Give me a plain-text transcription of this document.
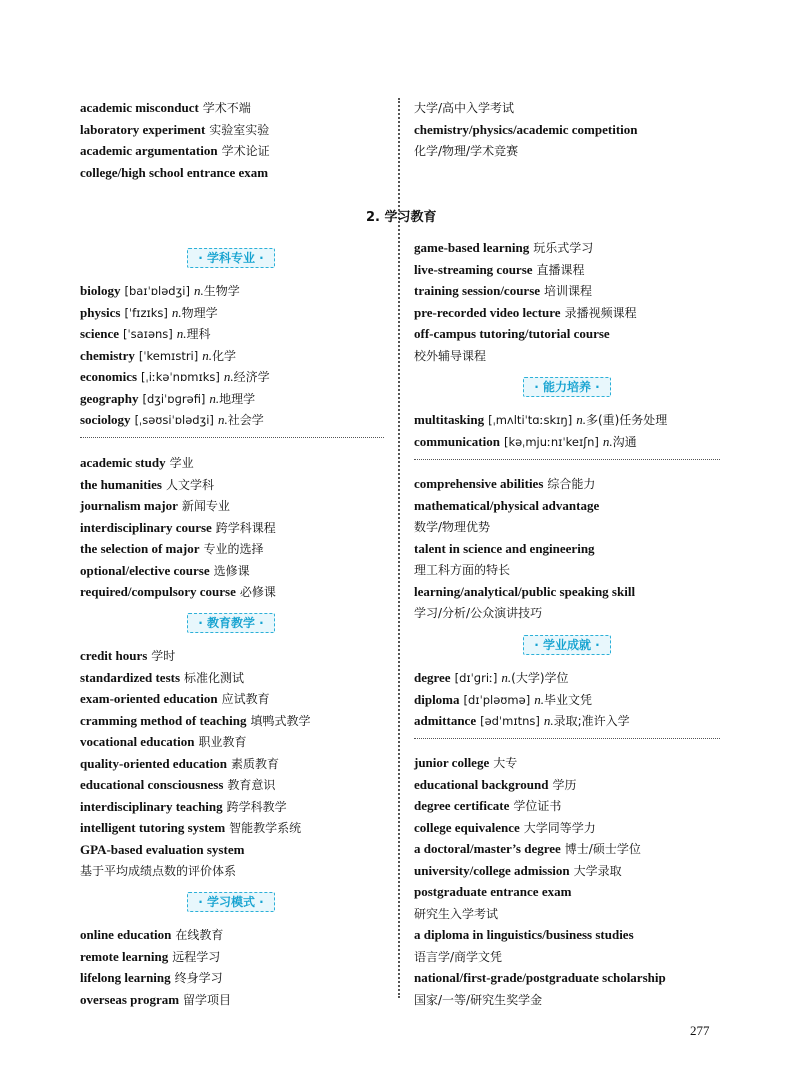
2. 学习教育
· 学科专业 ·
· 教育教学 ·
· 学习模式 ·
· 能力培养 ·
· 学业成就 ·
academic misconduct 学术不端
laboratory experiment 实验室实验
academic argumentation 学术论证
college/high school entrance exam
大学/高中入学考试
chemistry/physics/academic competition
化学/物理/学术竞赛
biology [baɪˈɒlədʒi] n.生物学
physics [ˈfɪzɪks] n.物理学
science [ˈsaɪəns] n.理科
chemistry [ˈkemɪstri] n.化学
economics [ˌiːkəˈnɒmɪks] n.经济学
geography [dʒiˈɒɡrəfi] n.地理学
sociology [ˌsəʊsiˈɒlədʒi] n.社会学
academic study 学业
the humanities 人文学科
journalism major 新闻专业
interdisciplinary course 跨学科课程
the selection of major 专业的选择
optional/elective course 选修课
required/compulsory course 必修课
credit hours 学时
standardized tests 标准化测试
exam-oriented education 应试教育
cramming method of teaching 填鸭式教学
vocational education 职业教育
quality-oriented education 素质教育
educational consciousness 教育意识
interdisciplinary teaching 跨学科教学
intelligent tutoring system 智能教学系统
GPA-based evaluation system
基于平均成绩点数的评价体系
online education 在线教育
remote learning 远程学习
lifelong learning 终身学习
overseas program 留学项目
game-based learning 玩乐式学习
live-streaming course 直播课程
training session/course 培训课程
pre-recorded video lecture 录播视频课程
off-campus tutoring/tutorial course
校外辅导课程
multitasking [ˌmʌltiˈtɑːskɪŋ] n.多(重)任务处理
communication [kəˌmjuːnɪˈkeɪʃn] n.沟通
comprehensive abilities 综合能力
mathematical/physical advantage
数学/物理优势
talent in science and engineering
理工科方面的特长
learning/analytical/public speaking skill
学习/分析/公众演讲技巧
degree [dɪˈɡriː] n.(大学)学位
diploma [dɪˈpləʊmə] n.毕业文凭
admittance [ədˈmɪtns] n.录取;准许入学
junior college 大专
educational background 学历
degree certificate 学位证书
college equivalence 大学同等学力
a doctoral/master’s degree 博士/硕士学位
university/college admission 大学录取
postgraduate entrance exam
研究生入学考试
a diploma in linguistics/business studies
语言学/商学文凭
national/first-grade/postgraduate scholarship
国家/一等/研究生奖学金
277
